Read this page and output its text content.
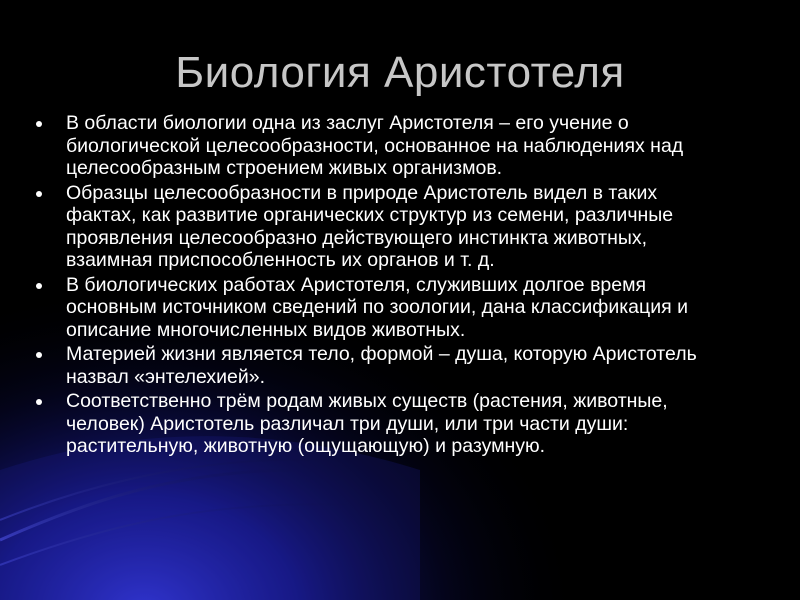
Биология Аристотеля
В области биологии одна из заслуг Аристотеля – его учение о биологической целесообразности, основанное на наблюдениях над целесообразным строением живых организмов.
Образцы целесообразности в природе Аристотель видел в таких фактах, как развитие органических структур из семени, различные проявления целесообразно действующего инстинкта животных, взаимная приспособленность их органов и т. д.
В биологических работах Аристотеля, служивших долгое время основным источником сведений по зоологии, дана классификация и описание многочисленных видов животных.
Материей жизни является тело, формой – душа, которую Аристотель назвал «энтелехией».
Соответственно трём родам живых существ (растения, животные, человек) Аристотель различал три души, или три части души: растительную, животную (ощущающую) и разумную.
